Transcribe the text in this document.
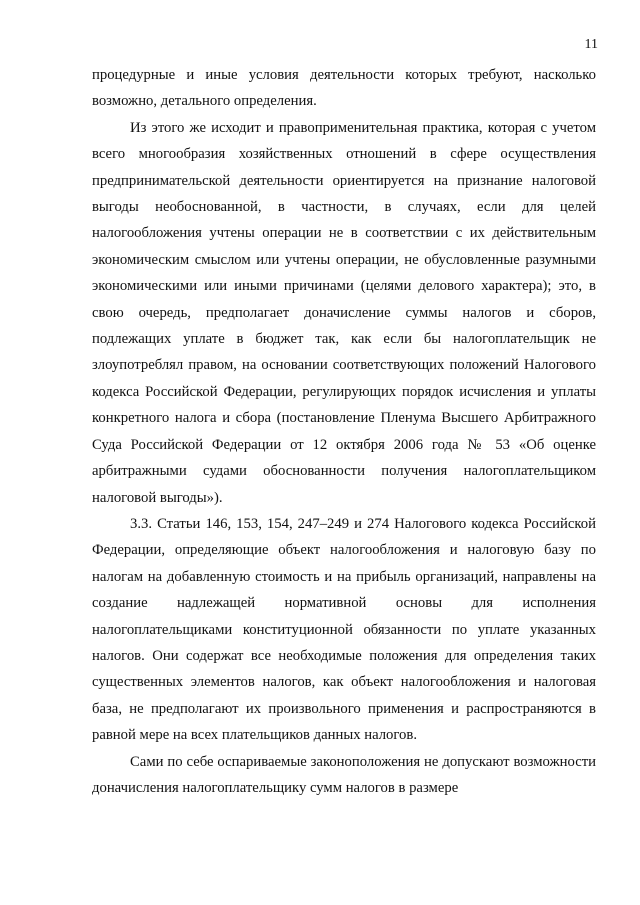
11

процедурные и иные условия деятельности которых требуют, насколько возможно, детального определения.

Из этого же исходит и правоприменительная практика, которая с учетом всего многообразия хозяйственных отношений в сфере осуществления предпринимательской деятельности ориентируется на признание налоговой выгоды необоснованной, в частности, в случаях, если для целей налогообложения учтены операции не в соответствии с их действительным экономическим смыслом или учтены операции, не обусловленные разумными экономическими или иными причинами (целями делового характера); это, в свою очередь, предполагает доначисление суммы налогов и сборов, подлежащих уплате в бюджет так, как если бы налогоплательщик не злоупотреблял правом, на основании соответствующих положений Налогового кодекса Российской Федерации, регулирующих порядок исчисления и уплаты конкретного налога и сбора (постановление Пленума Высшего Арбитражного Суда Российской Федерации от 12 октября 2006 года № 53 «Об оценке арбитражными судами обоснованности получения налогоплательщиком налоговой выгоды»).

3.3. Статьи 146, 153, 154, 247–249 и 274 Налогового кодекса Российской Федерации, определяющие объект налогообложения и налоговую базу по налогам на добавленную стоимость и на прибыль организаций, направлены на создание надлежащей нормативной основы для исполнения налогоплательщиками конституционной обязанности по уплате указанных налогов. Они содержат все необходимые положения для определения таких существенных элементов налогов, как объект налогообложения и налоговая база, не предполагают их произвольного применения и распространяются в равной мере на всех плательщиков данных налогов.

Сами по себе оспариваемые законоположения не допускают возможности доначисления налогоплательщику сумм налогов в размере
